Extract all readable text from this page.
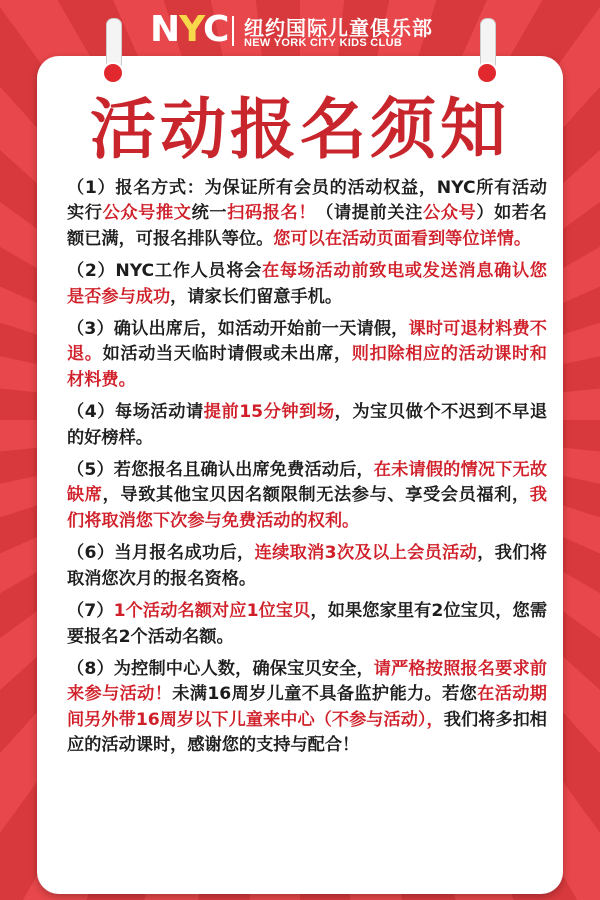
NYC 纽约国际儿童俱乐部
NEW YORK CITY KIDS CLUB
活动报名须知

（1）报名方式：为保证所有会员的活动权益，NYC所有活动实行公众号推文统一扫码报名！（请提前关注公众号）如若名额已满，可报名排队等位。您可以在活动页面看到等位详情。

（2）NYC工作人员将会在每场活动前致电或发送消息确认您是否参与成功，请家长们留意手机。

（3）确认出席后，如活动开始前一天请假，课时可退材料费不退。如活动当天临时请假或未出席，则扣除相应的活动课时和材料费。

（4）每场活动请提前15分钟到场，为宝贝做个不迟到不早退的好榜样。

（5）若您报名且确认出席免费活动后，在未请假的情况下无故缺席，导致其他宝贝因名额限制无法参与、享受会员福利，我们将取消您下次参与免费活动的权利。

（6）当月报名成功后，连续取消3次及以上会员活动，我们将取消您次月的报名资格。

（7）1个活动名额对应1位宝贝，如果您家里有2位宝贝，您需要报名2个活动名额。

（8）为控制中心人数，确保宝贝安全，请严格按照报名要求前来参与活动！未满16周岁儿童不具备监护能力。若您在活动期间另外带16周岁以下儿童来中心（不参与活动），我们将多扣相应的活动课时，感谢您的支持与配合！
